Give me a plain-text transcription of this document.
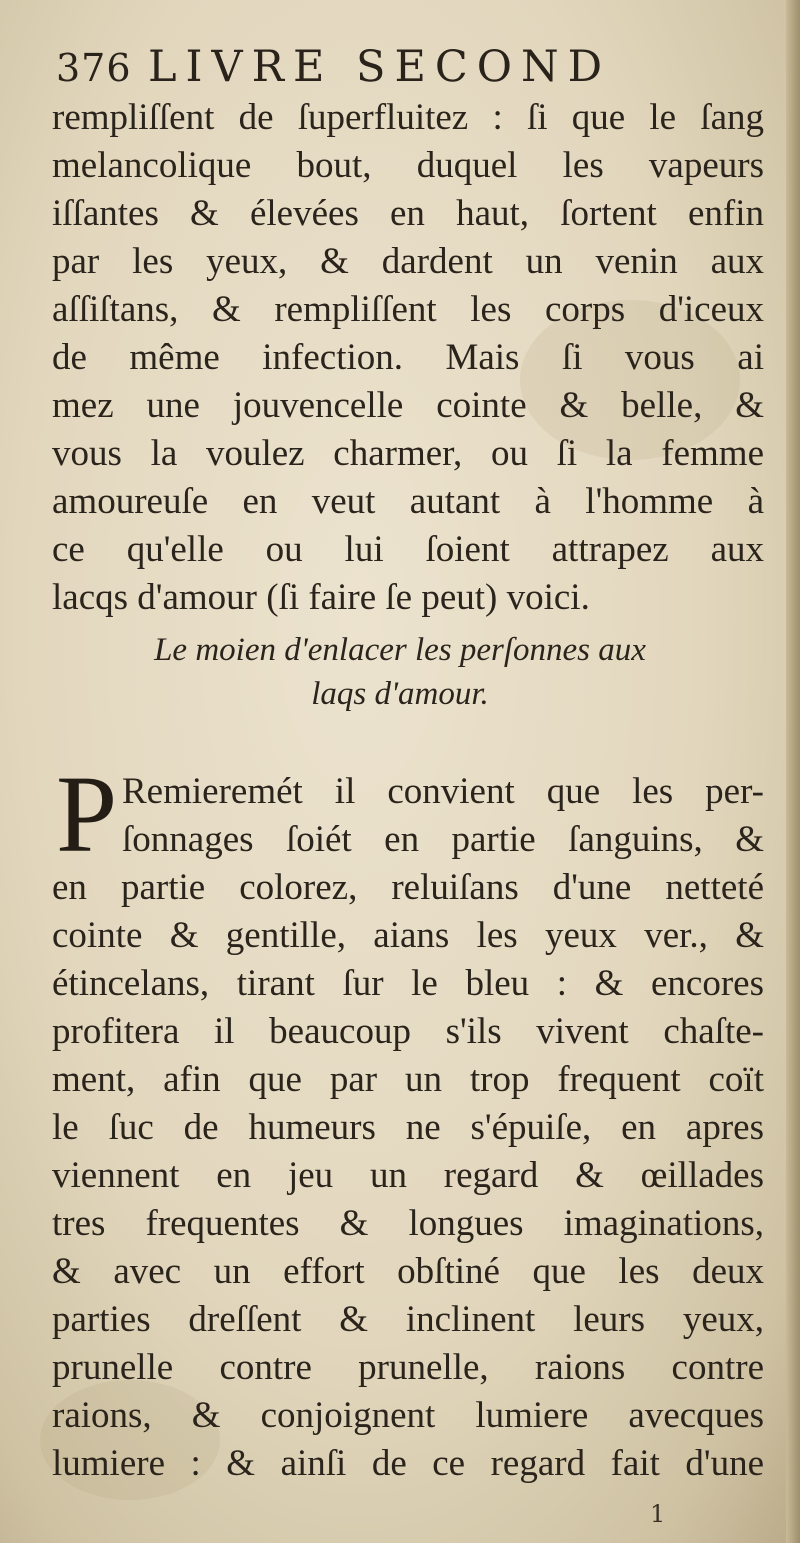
376 LIVRE SECOND
rempliſſent de ſuperfluitez : ſi que le ſang
melancolique bout, duquel les vapeurs
iſſantes & élevées en haut, ſortent enfin
par les yeux, & dardent un venin aux
aſſiſtans, & rempliſſent les corps d'iceux
de même infection. Mais ſi vous ai
mez une jouvencelle cointe & belle, &
vous la voulez charmer, ou ſi la femme
amoureuſe en veut autant à l'homme à
ce qu'elle ou lui ſoient attrapez aux
lacqs d'amour (ſi faire ſe peut) voici.
Le moien d'enlacer les perſonnes aux
laqs d'amour.
P Remieremét il convient que les per-
ſonnages ſoiét en partie ſanguins, &
en partie colorez, reluiſans d'une netteté
cointe & gentille, aians les yeux ver., &
étincelans, tirant ſur le bleu : & encores
profitera il beaucoup s'ils vivent chaſte-
ment, afin que par un trop frequent coït
le ſuc de humeurs ne s'épuiſe, en apres
viennent en jeu un regard & œillades
tres frequentes & longues imaginations,
& avec un effort obſtiné que les deux
parties dreſſent & inclinent leurs yeux,
prunelle contre prunelle, raions contre
raions, & conjoignent lumiere avecques
lumiere : & ainſi de ce regard fait d'une
1
